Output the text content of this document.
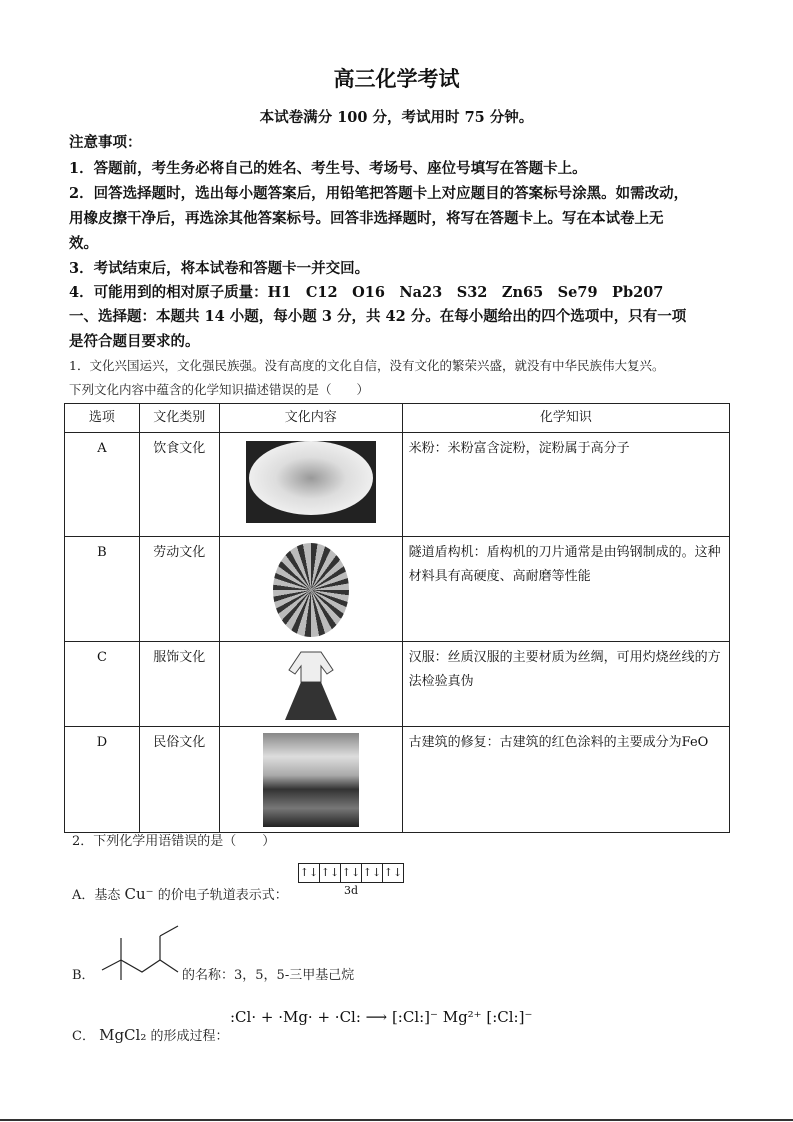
高三化学考试
本试卷满分 100 分，考试用时 75 分钟。
注意事项：
1．答题前，考生务必将自己的姓名、考生号、考场号、座位号填写在答题卡上。
2．回答选择题时，选出每小题答案后，用铅笔把答题卡上对应题目的答案标号涂黑。如需改动，
用橡皮擦干净后，再选涂其他答案标号。回答非选择题时，将写在答题卡上。写在本试卷上无
效。
3．考试结束后，将本试卷和答题卡一并交回。
4．可能用到的相对原子质量：H1　C12　O16　Na23　S32　Zn65　Se79　Pb207
一、选择题：本题共 14 小题，每小题 3 分，共 42 分。在每小题给出的四个选项中，只有一项
是符合题目要求的。
1．文化兴国运兴，文化强民族强。没有高度的文化自信，没有文化的繁荣兴盛，就没有中华民族伟大复兴。
下列文化内容中蕴含的化学知识描述错误的是（　　）
选项	文化类别	文化内容	化学知识
A	饮食文化		米粉：米粉富含淀粉，淀粉属于高分子
B	劳动文化		隧道盾构机：盾构机的刀片通常是由钨钢制成的。这种材料具有高硬度、高耐磨等性能
C	服饰文化		汉服：丝质汉服的主要材质为丝绸，可用灼烧丝线的方法检验真伪
D	民俗文化		古建筑的修复：古建筑的红色涂料的主要成分为FeO
2．下列化学用语错误的是（　　）
A．基态 Cu⁻ 的价电子轨道表示式：
↑↓ ↑↓ ↑↓ ↑↓ ↑↓
3d
B．	的名称：3，5，5-三甲基己烷
C． MgCl₂ 的形成过程：
:Cl· + ·Mg· + ·Cl: ⟶ [:Cl:]⁻ Mg²⁺ [:Cl:]⁻
